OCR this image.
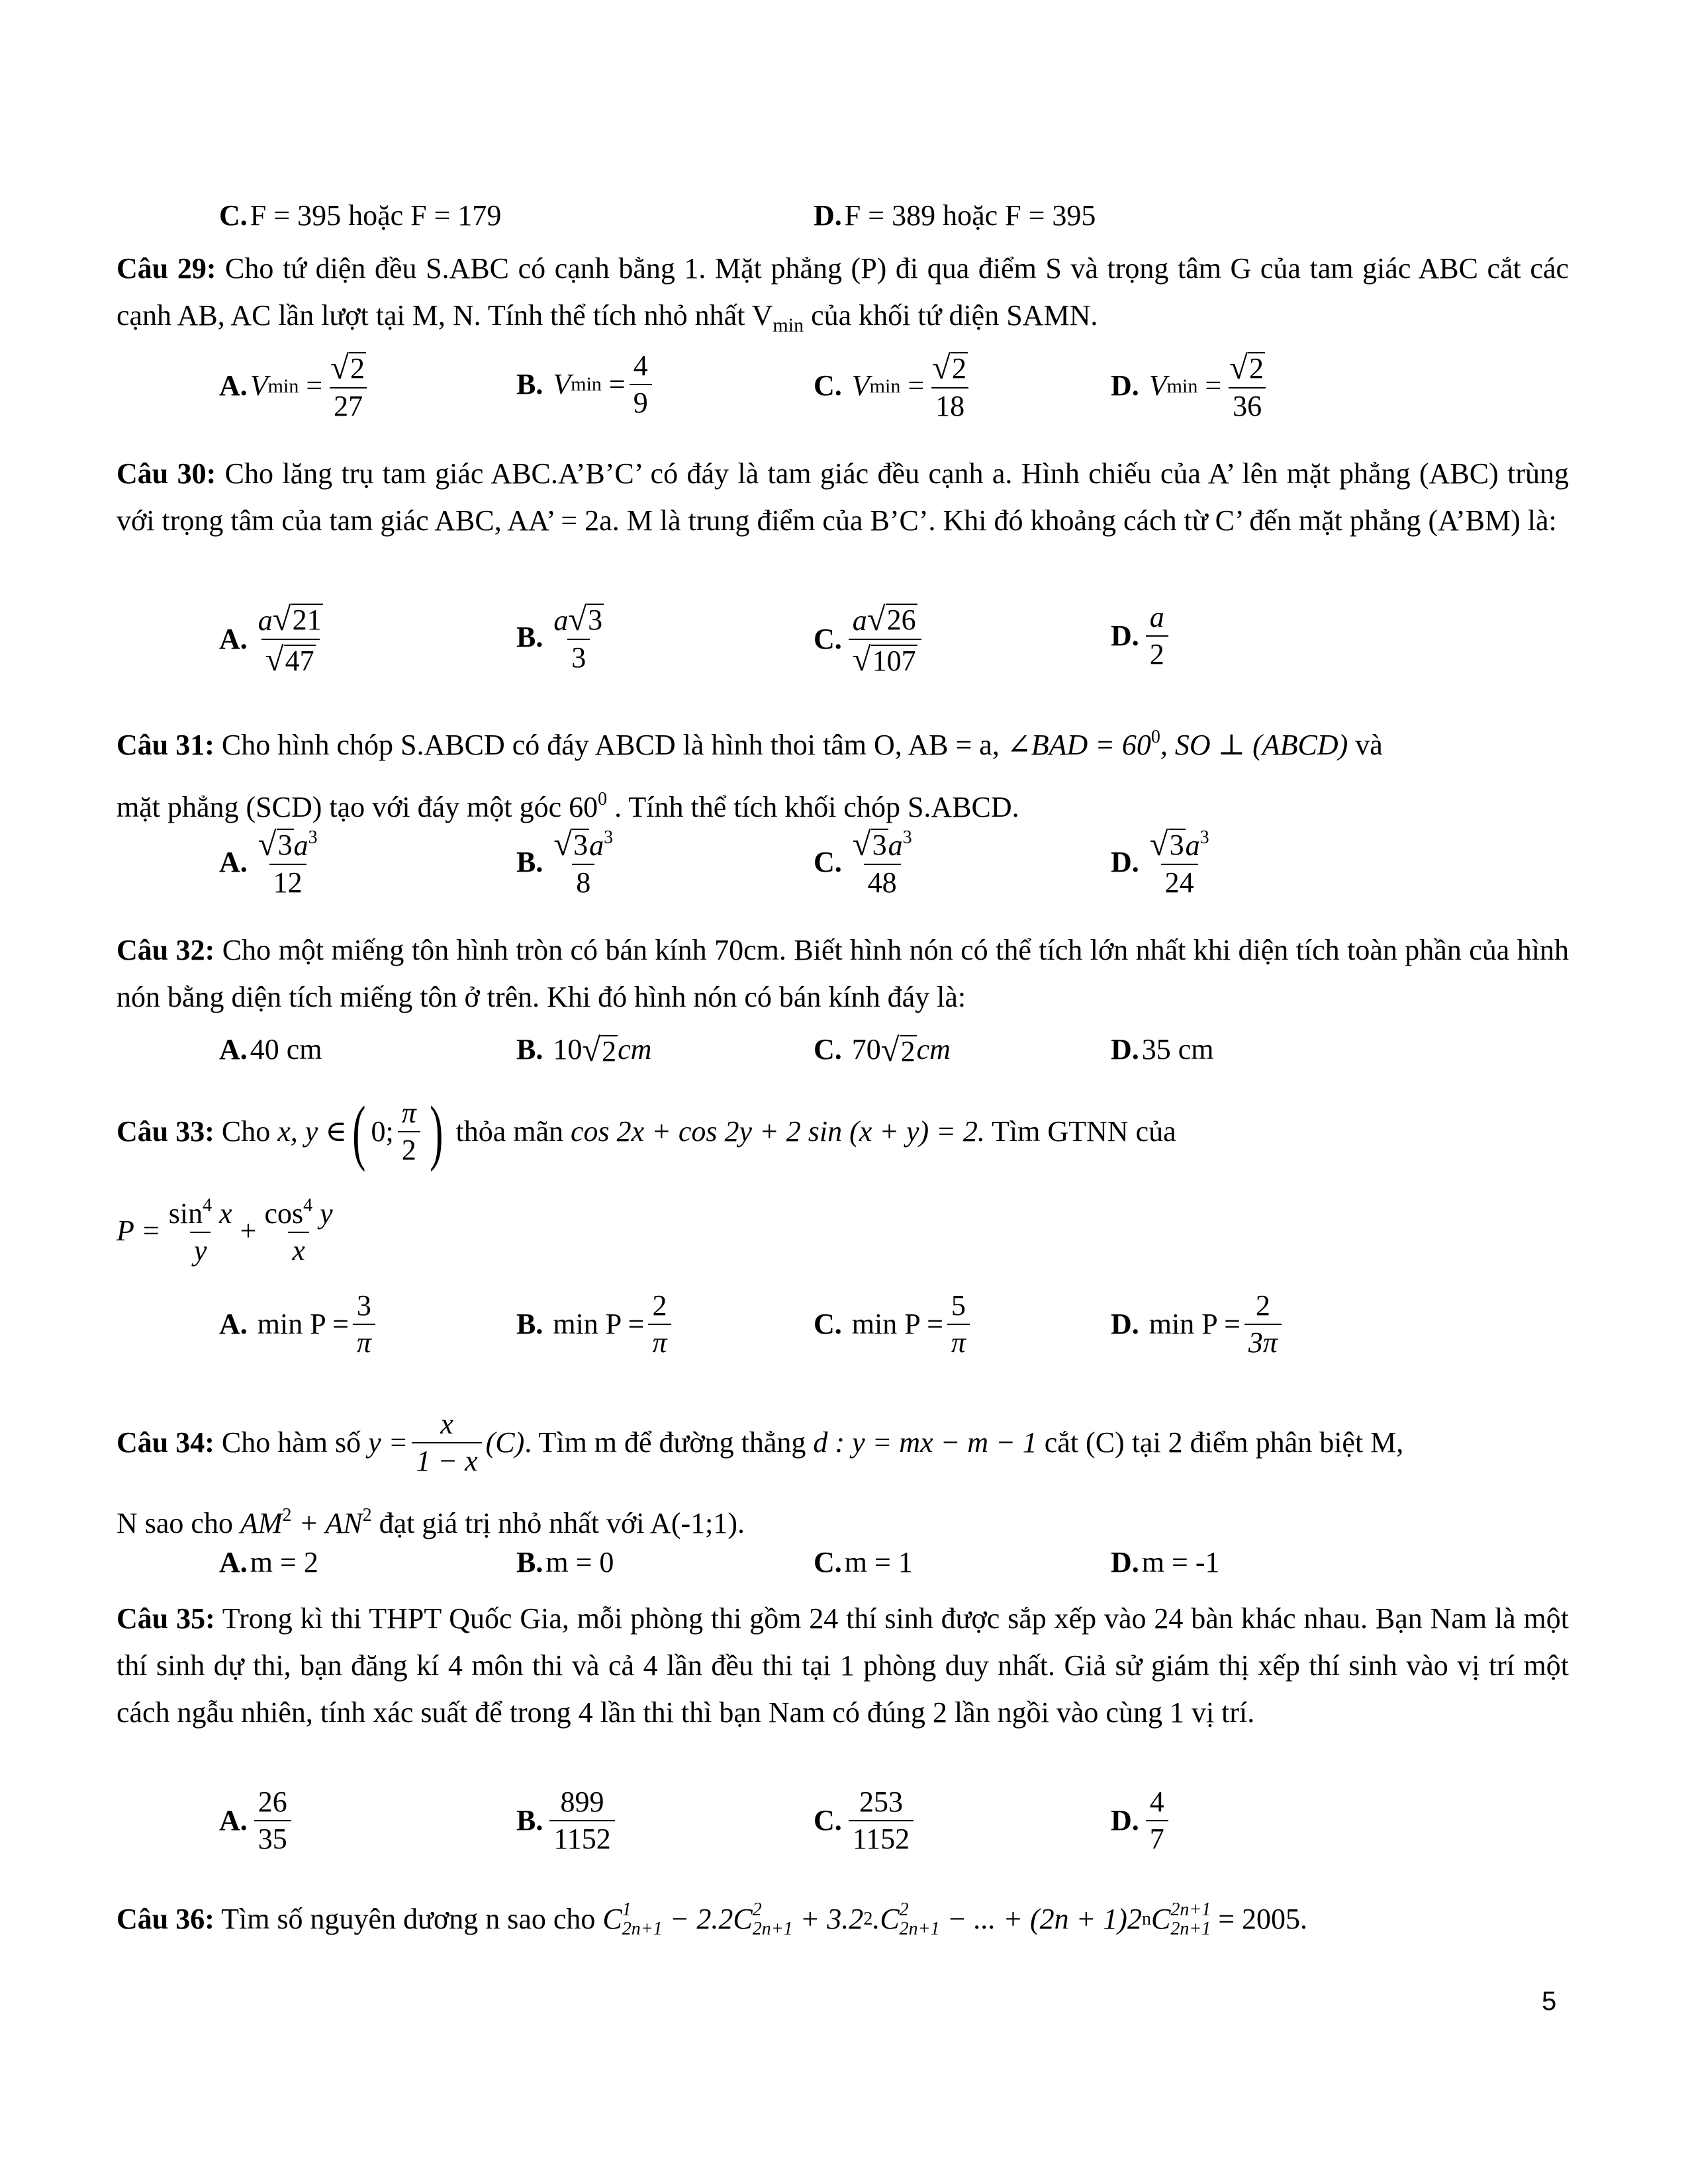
C. F = 395 hoặc F = 179	D. F = 389 hoặc F = 395

Câu 29: Cho tứ diện đều S.ABC có cạnh bằng 1. Mặt phẳng (P) đi qua điểm S và trọng tâm G của tam giác ABC cắt các cạnh AB, AC lần lượt tại M, N. Tính thể tích nhỏ nhất $V_{min}$ của khối tứ diện SAMN.

A. V $\min = \frac{√ 2}{27}$	B.
V $\min = \frac{4}{9}$	C.
V $\min = \frac{√ 2}{18}$	D.
V $\min = \frac{√ 2}{36}$

Câu 30: Cho lăng trụ tam giác ABC.A’B’C’ có đáy là tam giác đều cạnh a. Hình chiếu của A’ lên mặt phẳng (ABC) trùng với trọng tâm của tam giác ABC, AA’ = 2a. M là trung điểm của B’C’. Khi đó khoảng cách từ C’ đến mặt phẳng (A’BM) là:

A. $\frac{a √ 21}{√ 47}$	B. $\frac{a √ 3}{3}$	C. $\frac{a √ 26}{√ 107}$	D. $\frac{a}{2}$

Câu 31: Cho hình chóp S.ABCD có đáy ABCD là hình thoi tâm O, AB = a, ∠BAD = $60^0$, SO ⊥ (ABCD) và
mặt phẳng (SCD) tạo với đáy một góc $60^0$ . Tính thể tích khối chóp S.ABCD.

A. $\frac{√ 3 a^3}{12}$	B. $\frac{√ 3 a^3}{8}$	C. $\frac{√ 3 a^3}{48}$	D. $\frac{√ 3 a^3}{24}$

Câu 32: Cho một miếng tôn hình tròn có bán kính 70cm. Biết hình nón có thể tích lớn nhất khi diện tích toàn phần của hình nón bằng diện tích miếng tôn ở trên. Khi đó hình nón có bán kính đáy là:

A. 40 cm	B.
10 √ 2 cm	C.
70 √ 2 cm	D. 35 cm
Câu 33: Cho x, y ∈ ( 0; $\frac{\pi}{2}$ ) thỏa mãn cos 2x + cos 2y + 2 sin (x + y) = 2. Tìm GTNN của
$P = \frac{\sin^4 x}{y} + \frac{\cos^4 y}{x}$
A.
$\min P = \frac{3}{\pi}$	B.
$\min P = \frac{2}{\pi}$	C.
$\min P = \frac{5}{\pi}$	D.
$\min P = \frac{2}{3\pi}$
Câu 34: Cho hàm số $y = \frac{x}{1 - x} (C)$ . Tìm m để đường thẳng d : y = mx − m − 1 cắt (C) tại 2 điểm phân biệt M,

N sao cho $AM^2 + AN^2$ đạt giá trị nhỏ nhất với A(-1;1).

A. m = 2	B. m = 0	C. m = 1	D. m = -1

Câu 35: Trong kì thi THPT Quốc Gia, mỗi phòng thi gồm 24 thí sinh được sắp xếp vào 24 bàn khác nhau. Bạn Nam là một thí sinh dự thi, bạn đăng kí 4 môn thi và cả 4 lần đều thi tại 1 phòng duy nhất. Giả sử giám thị xếp thí sinh vào vị trí một cách ngẫu nhiên, tính xác suất để trong 4 lần thi thì bạn Nam có đúng 2 lần ngồi vào cùng 1 vị trí.

A. $\frac{26}{35}$	B. $\frac{899}{1152}$	C. $\frac{253}{1152}$	D. $\frac{4}{7}$
Câu 36: Tìm số nguyên dương n sao cho C 1
2n+1 − 2.2C 2
2n+1 + 3.2 2 .C 2
2n+1 − ... + (2n + 1)2 n C 2n+1
2n+1 = 2005.
5
